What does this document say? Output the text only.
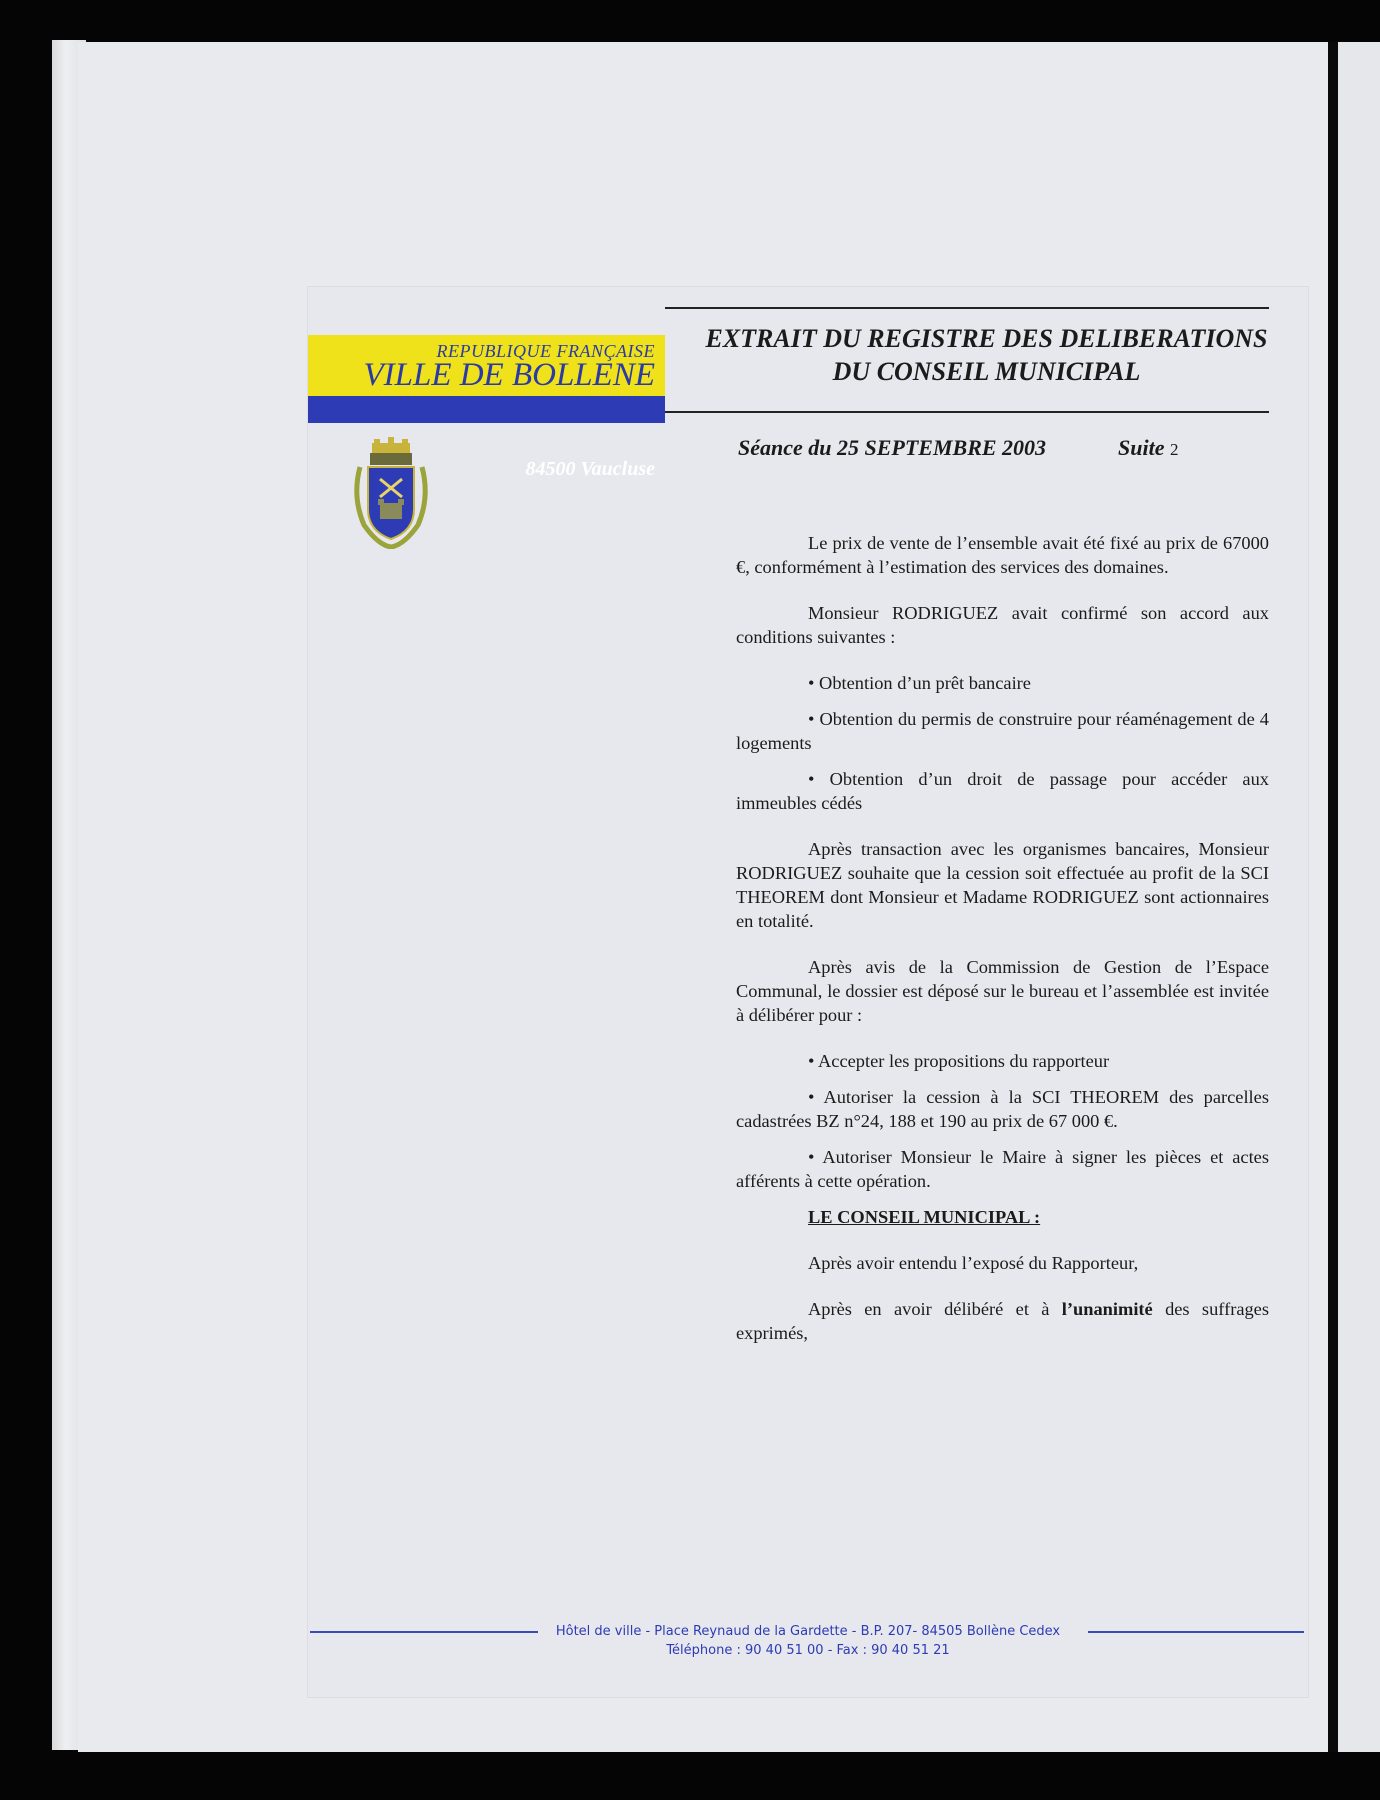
REPUBLIQUE FRANÇAISE
VILLE DE BOLLENE
84500 Vaucluse
EXTRAIT DU REGISTRE DES DELIBERATIONS
DU CONSEIL MUNICIPAL
Séance du 25 SEPTEMBRE 2003	Suite 2

Le prix de vente de l’ensemble avait été fixé au prix de 67000 €, conformément à l’estimation des services des domaines.

Monsieur RODRIGUEZ avait confirmé son accord aux conditions suivantes :

• Obtention d’un prêt bancaire

• Obtention du permis de construire pour réaménagement de 4 logements

• Obtention d’un droit de passage pour accéder aux immeubles cédés

Après transaction avec les organismes bancaires, Monsieur RODRIGUEZ souhaite que la cession soit effectuée au profit de la SCI THEOREM dont Monsieur et Madame RODRIGUEZ sont actionnaires en totalité.

Après avis de la Commission de Gestion de l’Espace Communal, le dossier est déposé sur le bureau et l’assemblée est invitée à délibérer pour :

• Accepter les propositions du rapporteur

• Autoriser la cession à la SCI THEOREM des parcelles cadastrées BZ n°24, 188 et 190 au prix de 67 000 €.

• Autoriser Monsieur le Maire à signer les pièces et actes afférents à cette opération.

LE CONSEIL MUNICIPAL :

Après avoir entendu l’exposé du Rapporteur,

Après en avoir délibéré et à l’unanimité des suffrages exprimés,

Hôtel de ville - Place Reynaud de la Gardette - B.P. 207- 84505 Bollène Cedex
Téléphone : 90 40 51 00 - Fax : 90 40 51 21
